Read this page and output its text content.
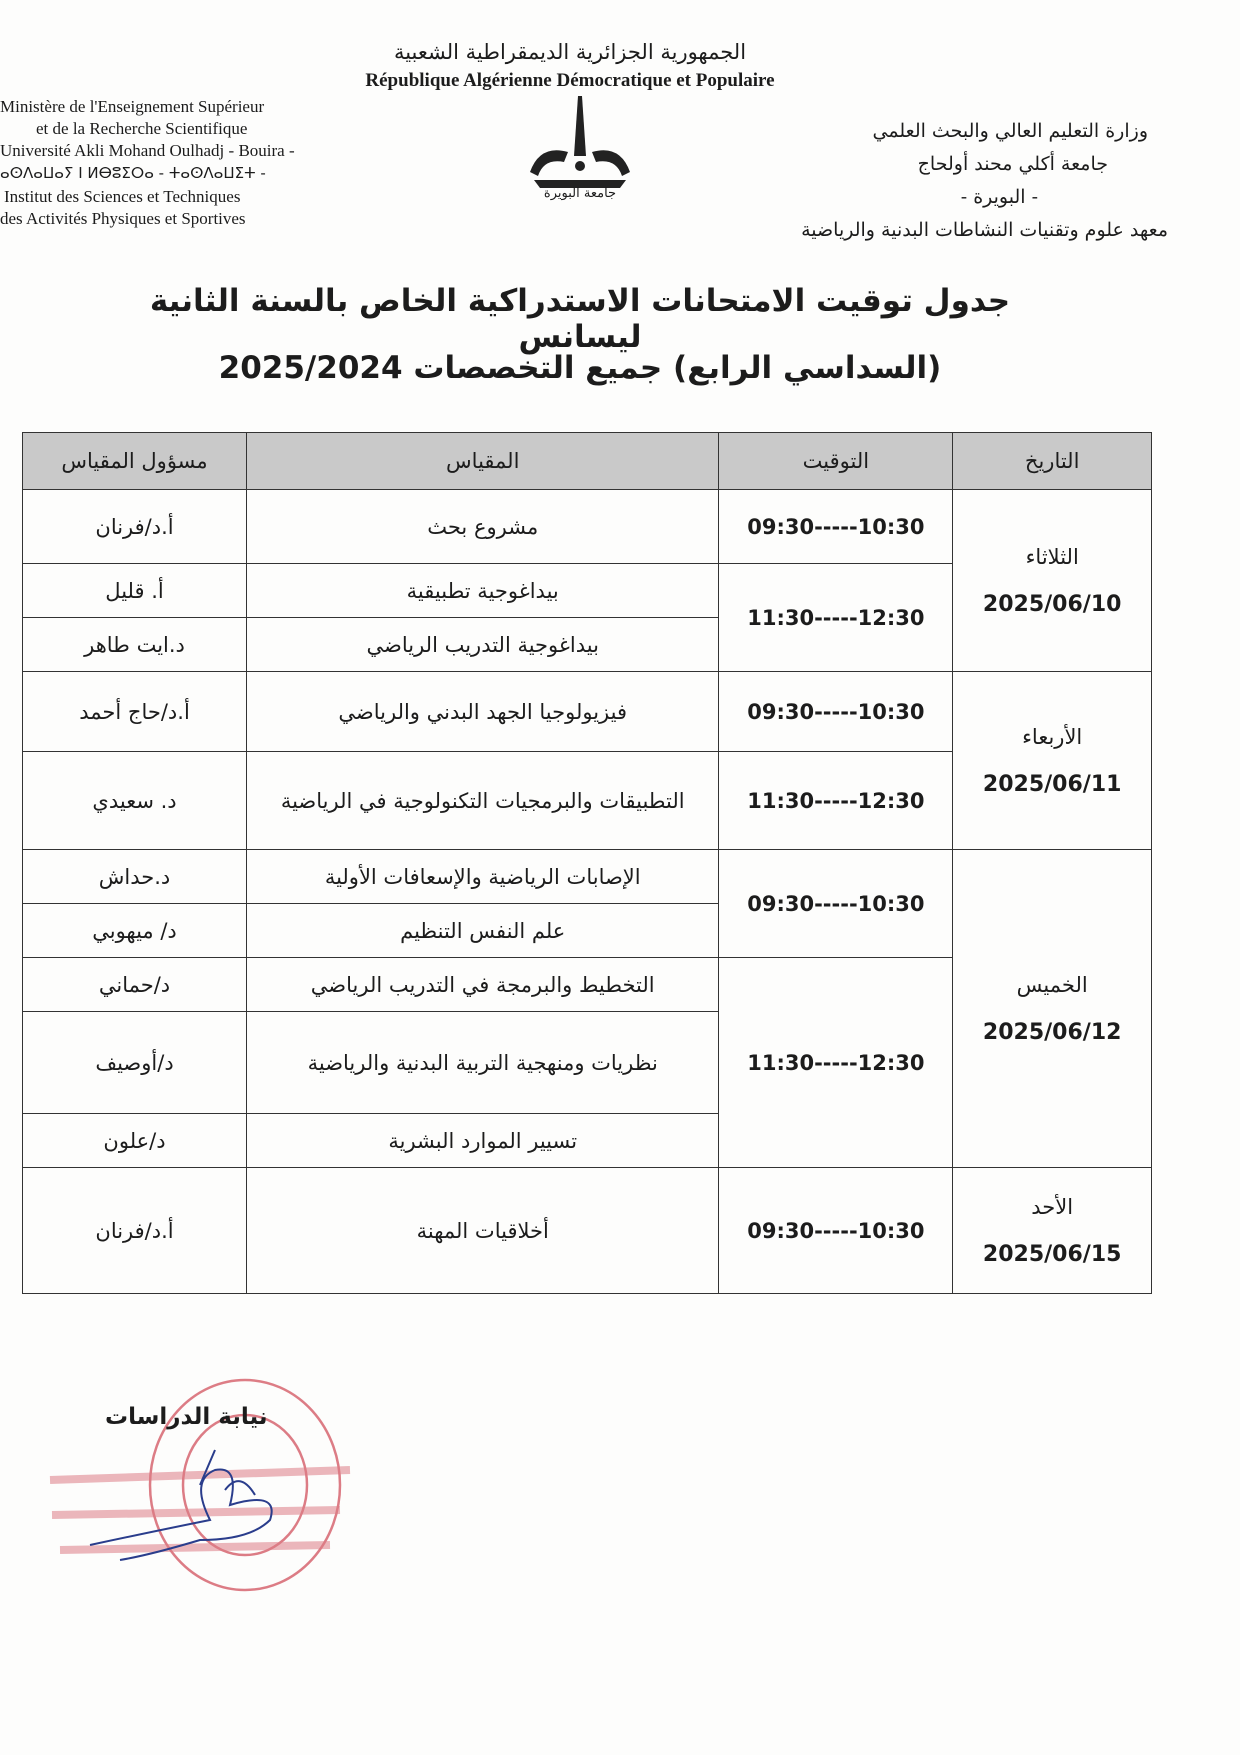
الجمهورية الجزائرية الديمقراطية الشعبية
République Algérienne Démocratique et Populaire
Ministère de l'Enseignement Supérieur
et de la Recherche Scientifique
Université Akli Mohand Oulhadj - Bouira -
ⴰⵙⴷⴰⵡⴰⵢ ⵏ ⵍⴱⵓⵉⵔⴰ - ⵜⴰⵙⴷⴰⵡⵉⵜ -
Institut des Sciences et Techniques
des Activités Physiques et Sportives
وزارة التعليم العالي والبحث العلمي
جامعة أكلي محند أولحاج
- البويرة -
معهد علوم وتقنيات النشاطات البدنية والرياضية
جامعة البويرة
جدول توقيت الامتحانات الاستدراكية الخاص بالسنة الثانية ليسانس
(السداسي الرابع) جميع التخصصات 2025/2024
التاريخ	التوقيت	المقياس	مسؤول المقياس

الثلاثاء
2025/06/10	09:30-----10:30	مشروع بحث	أ.د/فرنان
	11:30-----12:30	بيداغوجية تطبيقية	أ. قليل
		بيداغوجية التدريب الرياضي	د.ايت طاهر

الأربعاء
2025/06/11	09:30-----10:30	فيزيولوجيا الجهد البدني والرياضي	أ.د/حاج أحمد
	11:30-----12:30	التطبيقات والبرمجيات التكنولوجية في الرياضية	د. سعيدي

الخميس
2025/06/12	09:30-----10:30	الإصابات الرياضية والإسعافات الأولية	د.حداش
		علم النفس التنظيم	د/ ميهوبي
	11:30-----12:30	التخطيط والبرمجة في التدريب الرياضي	د/حماني
		نظريات ومنهجية التربية البدنية والرياضية	د/أوصيف
		تسيير الموارد البشرية	د/علون

الأحد
2025/06/15	09:30-----10:30	أخلاقيات المهنة	أ.د/فرنان
نيابة الدراسات
